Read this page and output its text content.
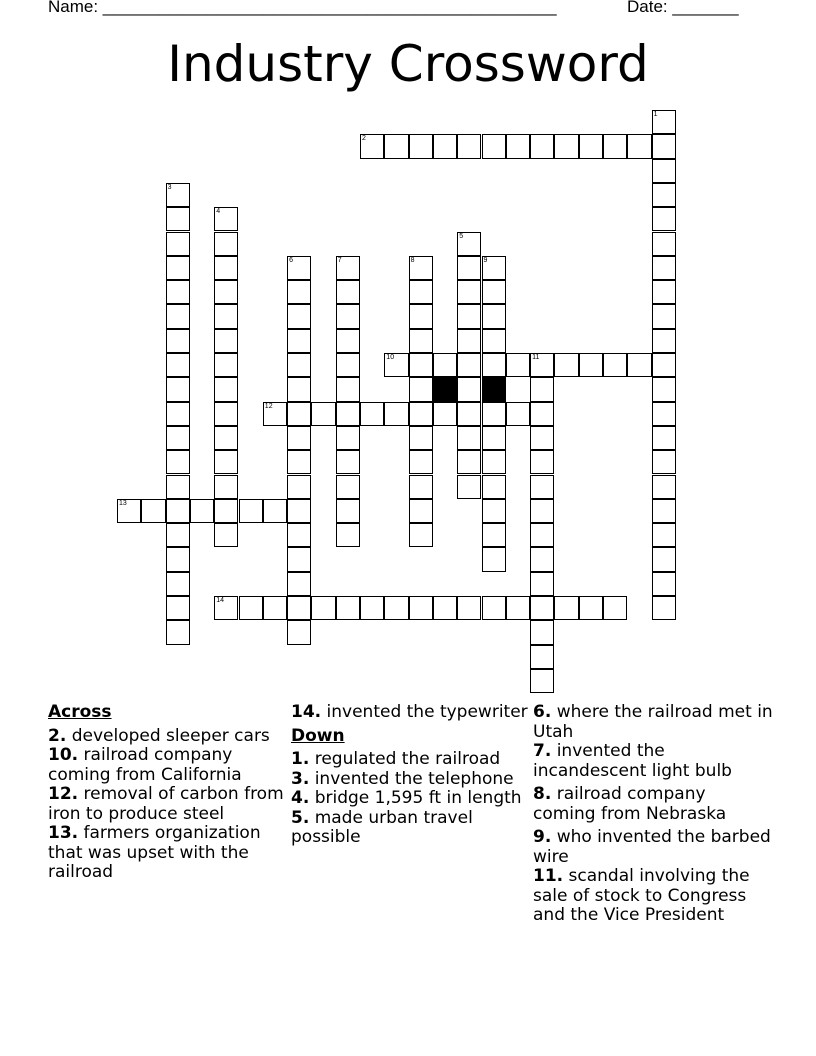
Name: ________________________________________________	Date: _______
Industry Crossword
1
2
3
4
5
6	7	8	9
10	11
12
13
14

Across

2. developed sleeper cars

10. railroad company coming from California

12. removal of carbon from iron to produce steel

13. farmers organization that was upset with the railroad

14. invented the typewriter

Down

1. regulated the railroad

3. invented the telephone

4. bridge 1,595 ft in length

5. made urban travel possible

6. where the railroad met in Utah

7. invented the incandescent light bulb

8. railroad company coming from Nebraska

9. who invented the barbed wire

11. scandal involving the sale of stock to Congress and the Vice President
